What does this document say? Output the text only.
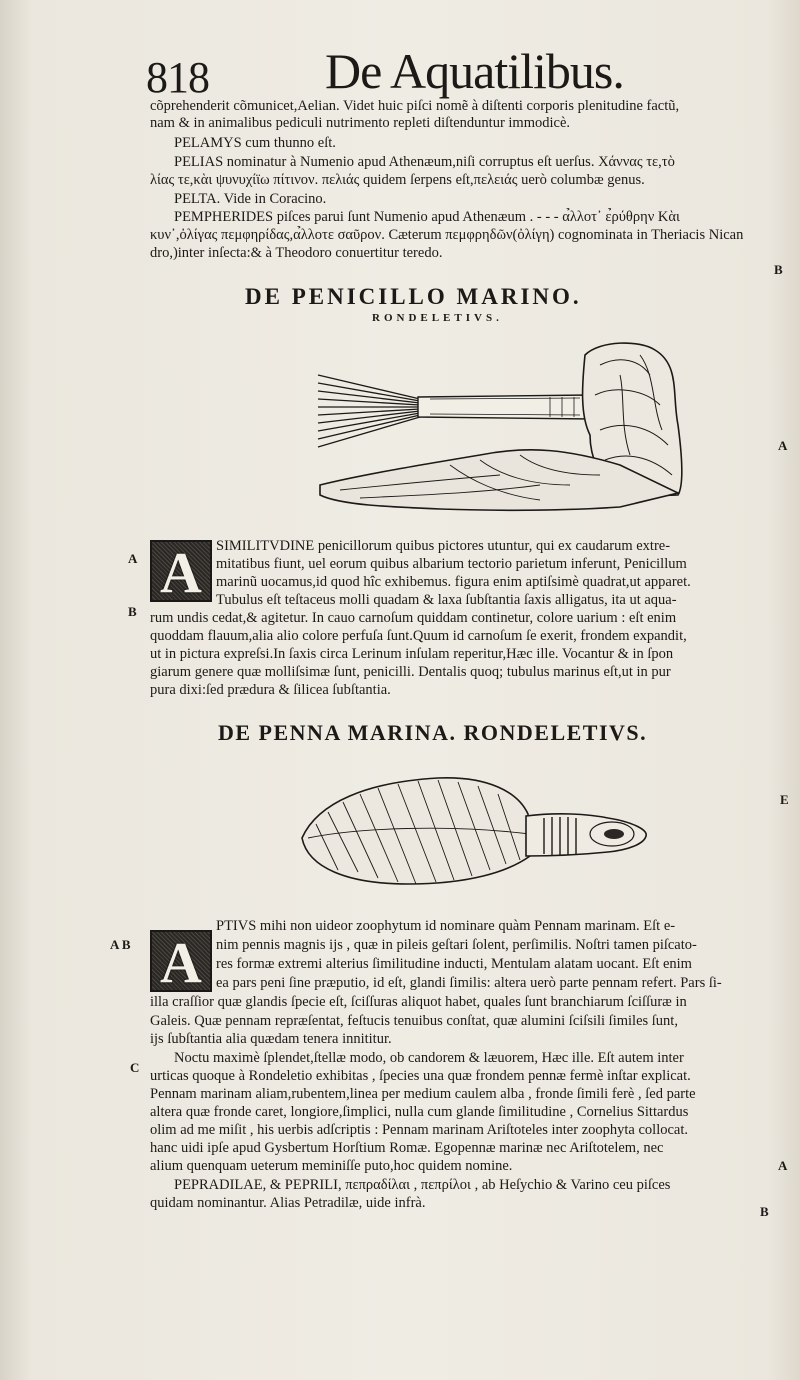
818 De Aquatilibus.
cõprehenderit cõmunicet,Aelian. Videt huic piſci nomẽ à diſtenti corporis plenitudine factũ,
nam & in animalibus pediculi nutrimento repleti diſtenduntur immodicè.
PELAMYS cum thunno eſt.
PELIAS nominatur à Numenio apud Athenæum,niſi corruptus eſt uerſus. Χάννας τε,τὸ
λίας τε,κὰι ψυνυχίϊω πίτινον. πελιάς quidem ſerpens eſt,πελειάς uerò columbæ genus.
PELTA. Vide in Coracino.
PEMPHERIDES piſces parui ſunt Numenio apud Athenæum . - - - α̉λλοτ᾽ ε̉ρύθρην Κὰι
κυν᾽,ὀλίγας πεμφηρίδας,α̉λλοτε σαῦρον. Cæterum πεμφρηδῶν(ὀλίγη) cognominata in Theriacis Nican
dro,)inter inſecta:& à Theodoro conuertitur teredo.
B
DE PENICILLO MARINO.
RONDELETIVS.
A
A
B
A SIMILITVDINE penicillorum quibus pictores utuntur, qui ex caudarum extre-
mitatibus fiunt, uel eorum quibus albarium tectorio parietum inferunt, Penicillum
marinũ uocamus,id quod hîc exhibemus. figura enim aptiſsimè quadrat,ut apparet.
Tubulus eſt teſtaceus molli quadam & laxa ſubſtantia ſaxis alligatus, ita ut aqua-
rum undis cedat,& agitetur. In cauo carnoſum quiddam continetur, colore uarium : eſt enim
quoddam flauum,alia alio colore perfuſa ſunt.Quum id carnoſum ſe exerit, frondem expandit,
ut in pictura expreſsi.In ſaxis circa Lerinum inſulam reperitur,Hæc ille. Vocantur & in ſpon
giarum genere quæ molliſsimæ ſunt, penicilli. Dentalis quoq; tubulus marinus eſt,ut in pur
pura dixi:ſed prædura & ſilicea ſubſtantia.
DE PENNA MARINA. RONDELETIVS.
E
A B
C
A
PTIVS mihi non uideor zoophytum id nominare quàm Pennam marinam. Eſt e-
nim pennis magnis ijs , quæ in pileis geſtari ſolent, perſimilis. Noſtri tamen piſcato-
res formæ extremi alterius ſimilitudine inducti, Mentulam alatam uocant. Eſt enim
ea pars peni ſine præputio, id eſt, glandi ſimilis: altera uerò parte pennam refert. Pars ſi-
illa craſſior quæ glandis ſpecie eſt, ſciſſuras aliquot habet, quales ſunt branchiarum ſciſſuræ in
Galeis. Quæ pennam repræſentat, feſtucis tenuibus conſtat, quæ alumini ſciſsili ſimiles ſunt,
ijs ſubſtantia alia quædam tenera innititur.
Noctu maximè ſplendet,ſtellæ modo, ob candorem & læuorem, Hæc ille. Eſt autem inter
urticas quoque à Rondeletio exhibitas , ſpecies una quæ frondem pennæ fermè inſtar explicat.
Pennam marinam aliam,rubentem,linea per medium caulem alba , fronde ſimili ferè , ſed parte
altera quæ fronde caret, longiore,ſimplici, nulla cum glande ſimilitudine , Cornelius Sittardus
olim ad me miſit , his uerbis adſcriptis : Pennam marinam Ariſtoteles inter zoophyta collocat.
hanc uidi ipſe apud Gysbertum Horſtium Romæ. Egopennæ marinæ nec Ariſtotelem, nec
alium quenquam ueterum meminiſſe puto,hoc quidem nomine.
PEPRADILAE, & PEPRILI, πεπραδίλαι , πεπρίλοι , ab Heſychio & Varino ceu piſces
quidam nominantur. Alias Petradilæ, uide infrà.
A
B
